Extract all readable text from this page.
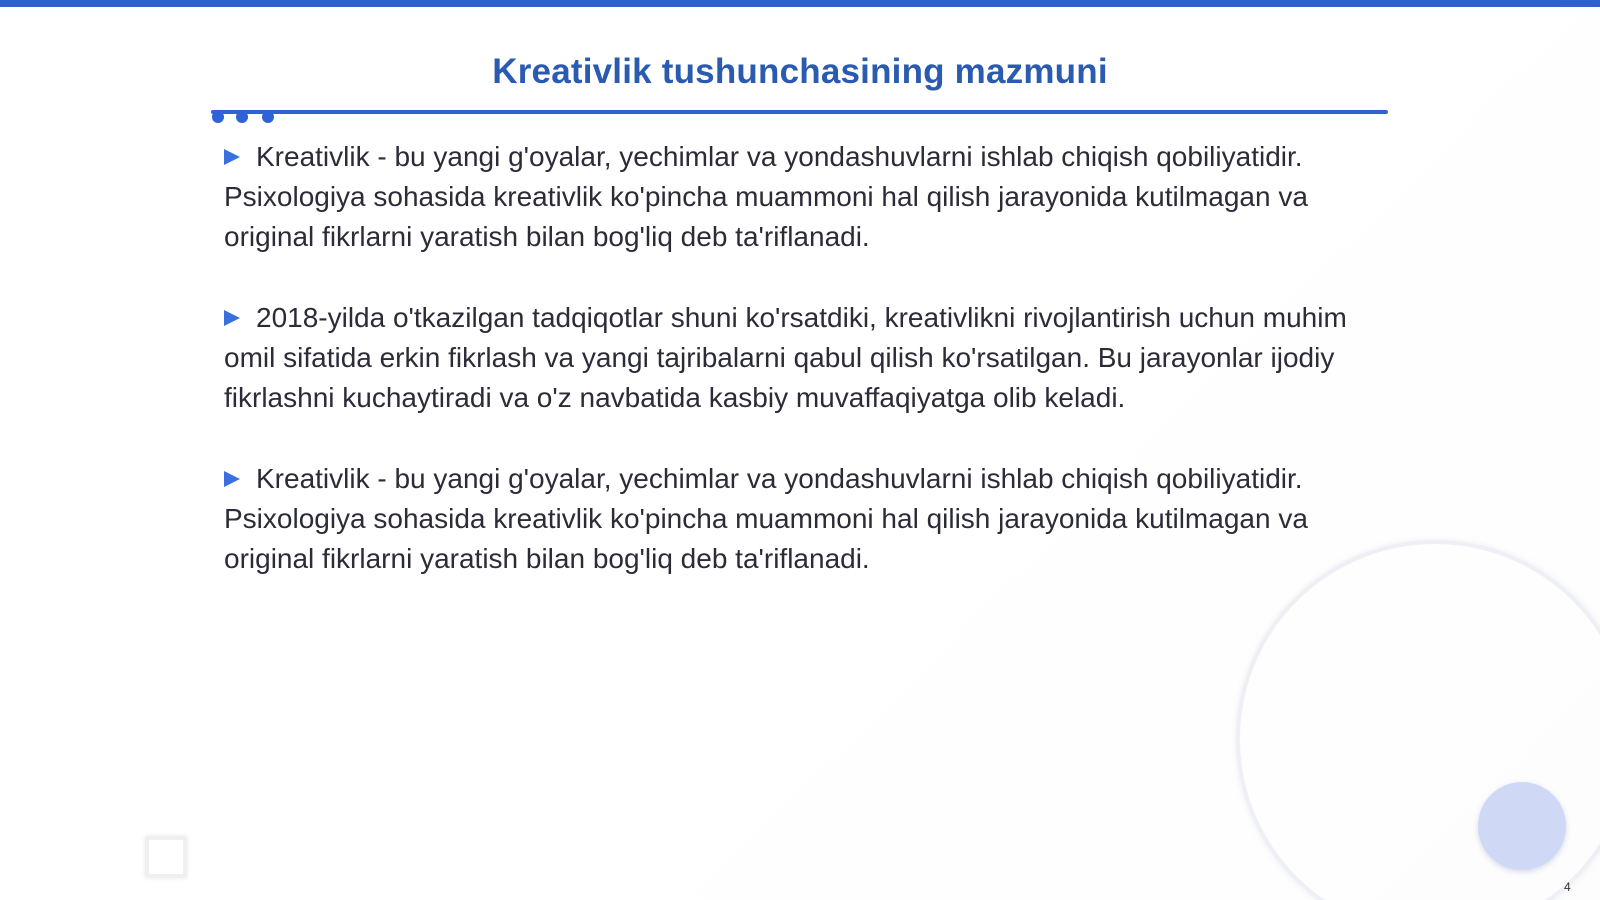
Kreativlik tushunchasining mazmuni

Kreativlik - bu yangi g'oyalar, yechimlar va yondashuvlarni ishlab chiqish qobiliyatidir. Psixologiya sohasida kreativlik ko'pincha muammoni hal qilish jarayonida kutilmagan va original fikrlarni yaratish bilan bog'liq deb ta'riflanadi.

2018-yilda o'tkazilgan tadqiqotlar shuni ko'rsatdiki, kreativlikni rivojlantirish uchun muhim omil sifatida erkin fikrlash va yangi tajribalarni qabul qilish ko'rsatilgan. Bu jarayonlar ijodiy fikrlashni kuchaytiradi va o'z navbatida kasbiy muvaffaqiyatga olib keladi.

Kreativlik - bu yangi g'oyalar, yechimlar va yondashuvlarni ishlab chiqish qobiliyatidir. Psixologiya sohasida kreativlik ko'pincha muammoni hal qilish jarayonida kutilmagan va original fikrlarni yaratish bilan bog'liq deb ta'riflanadi.

4
